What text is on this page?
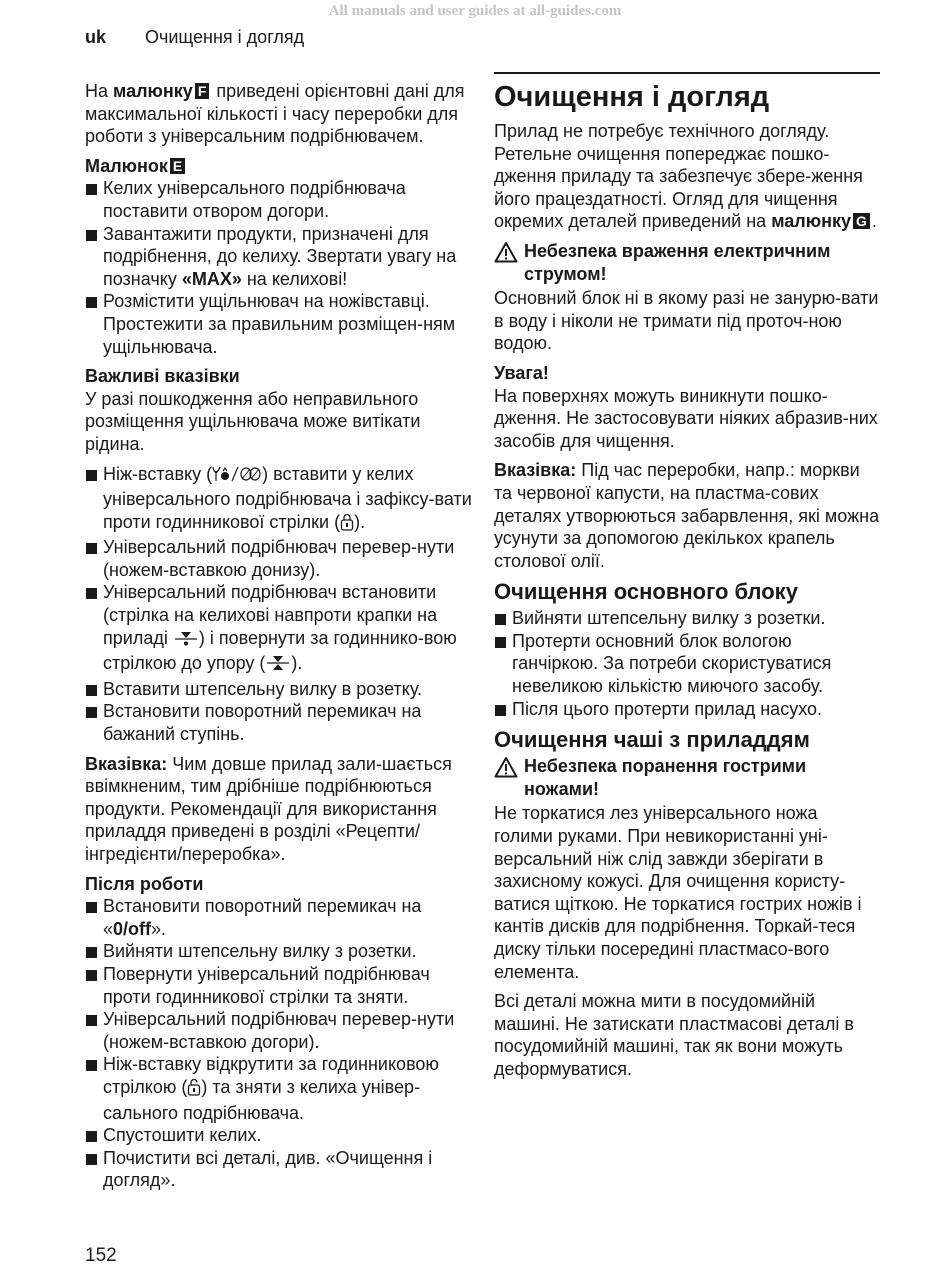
All manuals and user guides at all-guides.com
uk Очищення і догляд

На малюнку F приведені орієнтовні дані для максимальної кількості і часу переробки для роботи з універсальним подрібнювачем.

Малюнок E
Келих універсального подрібнювача поставити отвором догори.
Завантажити продукти, призначені для подрібнення, до келиху. Звертати увагу на позначку «MAX» на келихові!
Розмістити ущільнювач на ножівставці. Простежити за правильним розміщен-ням ущільнювача.
Важливі вказівки

У разі пошкодження або неправильного розміщення ущільнювача може витікати рідина.

Ніж-вставку (	) вставити у келих універсального подрібнювача і зафіксу-вати проти годинникової стрілки ( ).
Універсальний подрібнювач перевер-нути (ножем-вставкою донизу).
Універсальний подрібнювач встановити (стрілка на келихові навпроти крапки на приладі ) і повернути за годиннико-вою стрілкою до упору ( ).
Вставити штепсельну вилку в розетку.
Встановити поворотний перемикач на бажаний ступінь.

Вказівка: Чим довше прилад зали-шається ввімкненим, тим дрібніше подрібнюються продукти. Рекомендації для використання приладдя приведені в розділі «Рецепти/інгредієнти/переробка».

Після роботи
Встановити поворотний перемикач на «0/off».
Вийняти штепсельну вилку з розетки.
Повернути універсальний подрібнювач проти годинникової стрілки та зняти.
Універсальний подрібнювач перевер-нути (ножем-вставкою догори).
Ніж-вставку відкрутити за годинниковою стрілкою ( ) та зняти з келиха універ-сального подрібнювача.
Спустошити келих.
Почистити всі деталі, див. «Очищення і догляд».
Очищення і догляд

Прилад не потребує технічного догляду. Ретельне очищення попереджає пошко-дження приладу та забезпечує збере-ження його працездатності. Огляд для чищення окремих деталей приведений на малюнку G .

Небезпека враження електричним струмом!

Основний блок ні в якому разі не занурю-вати в воду і ніколи не тримати під проточ-ною водою.

Увага!

На поверхнях можуть виникнути пошко-дження. Не застосовувати ніяких абразив-них засобів для чищення.

Вказівка: Під час переробки, напр.: моркви та червоної капусти, на пластма-сових деталях утворюються забарвлення, які можна усунути за допомогою декількох крапель столової олії.

Очищення основного блоку
Вийняти штепсельну вилку з розетки.
Протерти основний блок вологою ганчіркою. За потреби скористуватися невеликою кількістю миючого засобу.
Після цього протерти прилад насухо.
Очищення чаші з приладдям
Небезпека поранення гострими ножами!

Не торкатися лез універсального ножа голими руками. При невикористанні уні-версальний ніж слід завжди зберігати в захисному кожусі. Для очищення користу-ватися щіткою. Не торкатися гострих ножів і кантів дисків для подрібнення. Торкай-теся диску тільки посередині пластмасо-вого елемента.

Всі деталі можна мити в посудомийній машині. Не затискати пластмасові деталі в посудомийній машині, так як вони можуть деформуватися.

152
